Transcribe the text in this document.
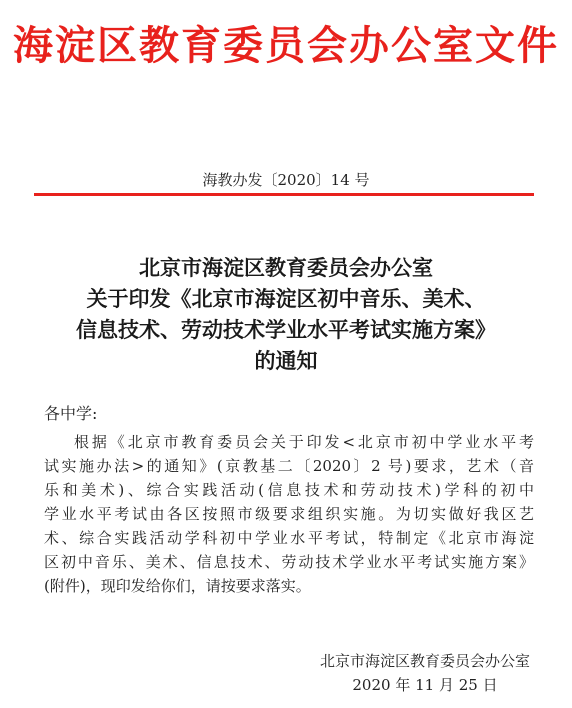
海淀区教育委员会办公室文件
海教办发〔2020〕14 号
北京市海淀区教育委员会办公室
关于印发《北京市海淀区初中音乐、美术、
信息技术、劳动技术学业水平考试实施方案》
的通知
各中学:
根据《北京市教育委员会关于印发<北京市初中学业水平考
试实施办法>的通知》(京教基二〔2020〕2 号)要求，艺术（音
乐和美术)、综合实践活动(信息技术和劳动技术)学科的初中
学业水平考试由各区按照市级要求组织实施。为切实做好我区艺
术、综合实践活动学科初中学业水平考试，特制定《北京市海淀
区初中音乐、美术、信息技术、劳动技术学业水平考试实施方案》
(附件)，现印发给你们，请按要求落实。
北京市海淀区教育委员会办公室
2020 年 11 月 25 日
